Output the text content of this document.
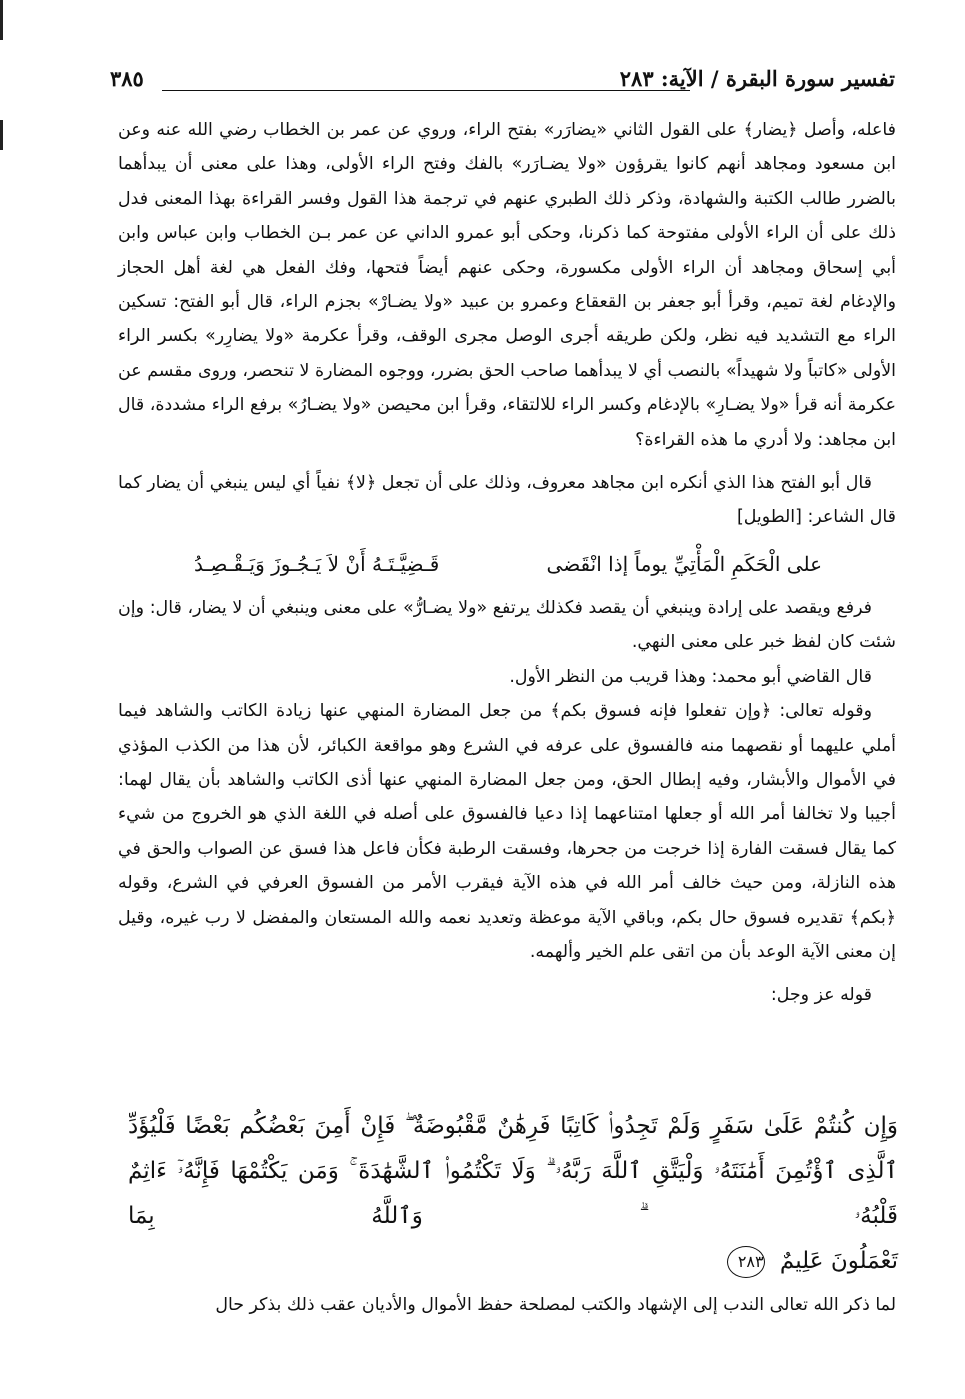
تفسير سورة البقرة / الآية: ٢٨٣
٣٨٥

فاعله، وأصل ﴿يضار﴾ على القول الثاني «يضارَر» بفتح الراء، وروي عن عمر بن الخطاب رضي الله عنه وعن ابن مسعود ومجاهد أنهم كانوا يقرؤون «ولا يضـارَر» بالفك وفتح الراء الأولى، وهذا على معنى أن يبدأهما بالضرر طالب الكتبة والشهادة، وذكر ذلك الطبري عنهم في ترجمة هذا القول وفسر القراءة بهذا المعنى فدل ذلك على أن الراء الأولى مفتوحة كما ذكرنا، وحكى أبو عمرو الداني عن عمر بـن الخطاب وابن عباس وابن أبي إسحاق ومجاهد أن الراء الأولى مكسورة، وحكى عنهم أيضاً فتحها، وفك الفعل هي لغة أهل الحجاز والإدغام لغة تميم، وقرأ أبو جعفر بن القعقاع وعمرو بن عبيد «ولا يضـارْ» بجزم الراء، قال أبو الفتح: تسكين الراء مع التشديد فيه نظر، ولكن طريقه أجرى الوصل مجرى الوقف، وقرأ عكرمة «ولا يضارِر» بكسر الراء الأولى «كاتباً ولا شهيداً» بالنصب أي لا يبدأهما صاحب الحق بضرر، ووجوه المضارة لا تنحصر، وروى مقسم عن عكرمة أنه قرأ «ولا يضـارِ» بالإدغام وكسر الراء للالتقاء، وقرأ ابن محيصن «ولا يضـارُ» برفع الراء مشددة، قال ابن مجاهد: ولا أدري ما هذه القراءة؟

قال أبو الفتح هذا الذي أنكره ابن مجاهد معروف، وذلك على أن تجعل ﴿لا﴾ نفياً أي ليس ينبغي أن يضار كما قال الشاعر: [الطويل]

على الْحَكَمِ الْمَأْتِيِّ يوماً إذا انْقَضى
قَـضِيَّـتَـهُ أَنْ لاَ يَـجُـوزَ وَيَـقْـصِـدُ

فرفع ويقصد على إرادة وينبغي أن يقصد فكذلك يرتفع «ولا يضـارُّ» على معنى وينبغي أن لا يضار، قال: وإن شئت كان لفظ خبر على معنى النهي.

قال القاضي أبو محمد: وهذا قريب من النظر الأول.

وقوله تعالى: ﴿وإن تفعلوا فإنه فسوق بكم﴾ من جعل المضارة المنهي عنها زيادة الكاتب والشاهد فيما أملي عليهما أو نقصهما منه فالفسوق على عرفه في الشرع وهو مواقعة الكبائر، لأن هذا من الكذب المؤذي في الأموال والأبشار، وفيه إبطال الحق، ومن جعل المضارة المنهي عنها أذى الكاتب والشاهد بأن يقال لهما: أجيبا ولا تخالفا أمر الله أو جعلها امتناعهما إذا دعيا فالفسوق على أصله في اللغة الذي هو الخروج من شيء كما يقال فسقت الفارة إذا خرجت من جحرها، وفسقت الرطبة فكأن فاعل هذا فسق عن الصواب والحق في هذه النازلة، ومن حيث خالف أمر الله في هذه الآية فيقرب الأمر من الفسوق العرفي في الشرع، وقوله ﴿بكم﴾ تقديره فسوق حال بكم، وباقي الآية موعظة وتعديد نعمه والله المستعان والمفضل لا رب غيره، وقيل إن معنى الآية الوعد بأن من اتقى علم الخير وألهمه.

قوله عز وجل:

وَإِن كُنتُمْ عَلَىٰ سَفَرٍ وَلَمْ تَجِدُوا۟ كَاتِبًا فَرِهَٰنٌ مَّقْبُوضَةٌ ۖ فَإِنْ أَمِنَ بَعْضُكُم بَعْضًا فَلْيُؤَدِّ ٱلَّذِى ٱؤْتُمِنَ أَمَٰنَتَهُۥ وَلْيَتَّقِ ٱللَّهَ رَبَّهُۥ ۗ وَلَا تَكْتُمُوا۟ ٱلشَّهَٰدَةَ ۚ وَمَن يَكْتُمْهَا فَإِنَّهُۥٓ ءَاثِمٌ قَلْبُهُۥ ۗ وَٱللَّهُ بِمَا
تَعْمَلُونَ عَلِيمٌ ٢٨٣
لما ذكر الله تعالى الندب إلى الإشهاد والكتب لمصلحة حفظ الأموال والأديان عقب ذلك بذكر حال
